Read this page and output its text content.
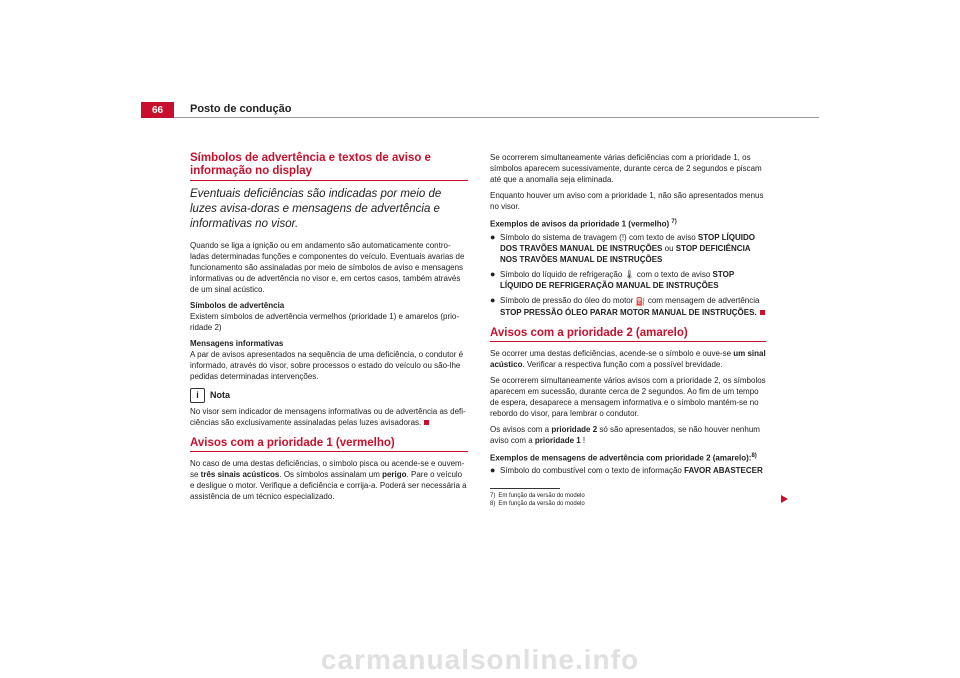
66	Posto de condução
Símbolos de advertência e textos de aviso e informação no display
Eventuais deficiências são indicadas por meio de luzes avisa-doras e mensagens de advertência e informativas no visor.

Quando se liga a ignição ou em andamento são automaticamente contro-ladas determinadas funções e componentes do veículo. Eventuais avarias de funcionamento são assinaladas por meio de símbolos de aviso e mensagens informativas ou de advertência no visor e, em certos casos, também através de um sinal acústico.

Símbolos de advertência

Existem símbolos de advertência vermelhos (prioridade 1) e amarelos (prio-ridade 2)

Mensagens informativas

A par de avisos apresentados na sequência de uma deficiência, o condutor é informado, através do visor, sobre processos o estado do veículo ou são-lhe pedidas determinadas intervenções.

i	Nota

No visor sem indicador de mensagens informativas ou de advertência as defi-ciências são exclusivamente assinaladas pelas luzes avisadoras.

Avisos com a prioridade 1 (vermelho)

No caso de uma destas deficiências, o símbolo pisca ou acende-se e ouvem-se três sinais acústicos. Os símbolos assinalam um perigo. Pare o veículo e desligue o motor. Verifique a deficiência e corrija-a. Poderá ser necessária a assistência de um técnico especializado.

Se ocorrerem simultaneamente várias deficiências com a prioridade 1, os símbolos aparecem sucessivamente, durante cerca de 2 segundos e piscam até que a anomalia seja eliminada.

Enquanto houver um aviso com a prioridade 1, não são apresentados menus no visor.

Exemplos de avisos da prioridade 1 (vermelho) $^{7)}$
● Símbolo do sistema de travagem (!) com texto de aviso STOP LÍQUIDO DOS TRAVÕES MANUAL DE INSTRUÇÕES ou STOP DEFICIÊNCIA NOS TRAVÕES MANUAL DE INSTRUÇÕES
● Símbolo do líquido de refrigeração 🌡 com o texto de aviso STOP LÍQUIDO DE REFRIGERAÇÃO MANUAL DE INSTRUÇÕES
● Símbolo de pressão do óleo do motor ⛽ com mensagem de advertência STOP PRESSÃO ÓLEO PARAR MOTOR MANUAL DE INSTRUÇÕES.
Avisos com a prioridade 2 (amarelo)

Se ocorrer uma destas deficiências, acende-se o símbolo e ouve-se um sinal acústico. Verificar a respectiva função com a possível brevidade.

Se ocorrerem simultaneamente vários avisos com a prioridade 2, os símbolos aparecem em sucessão, durante cerca de 2 segundos. Ao fim de um tempo de espera, desaparece a mensagem informativa e o símbolo mantém-se no rebordo do visor, para lembrar o condutor.

Os avisos com a prioridade 2 só são apresentados, se não houver nenhum aviso com a prioridade 1 !

Exemplos de mensagens de advertência com prioridade 2 (amarelo):$^{8)}$
● Símbolo do combustível com o texto de informação FAVOR ABASTECER
7) Em função da versão do modelo
8) Em função da versão do modelo
carmanualsonline.info
